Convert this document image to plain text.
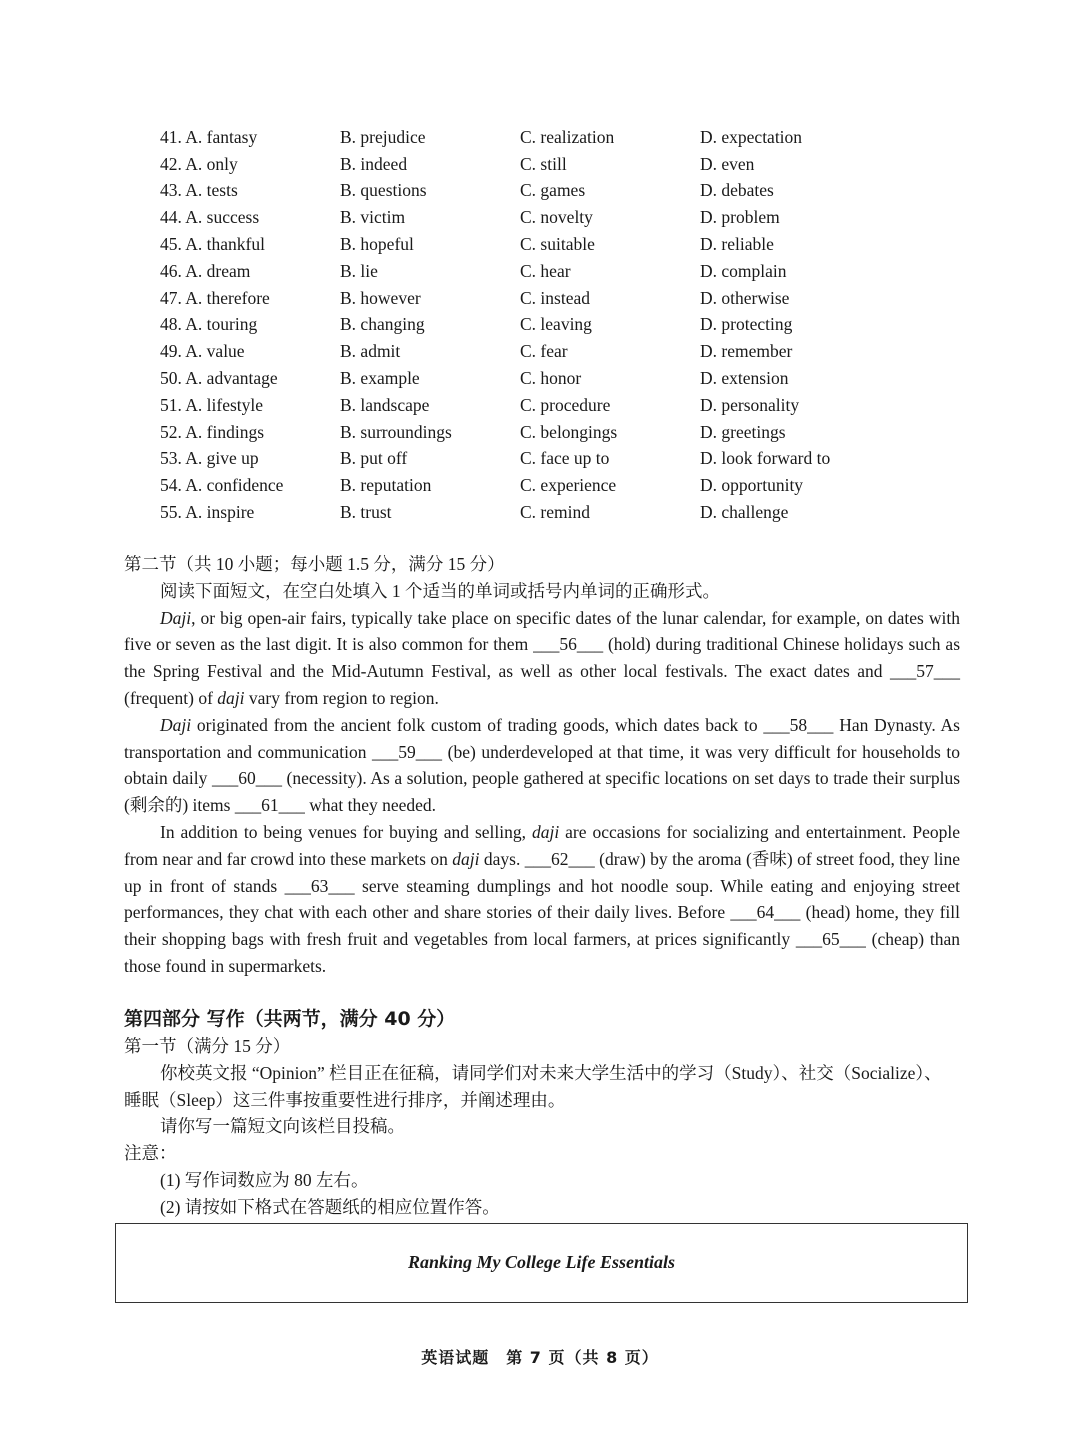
41. A. fantasy	B. prejudice	C. realization	D. expectation
42. A. only	B. indeed	C. still	D. even
43. A. tests	B. questions	C. games	D. debates
44. A. success	B. victim	C. novelty	D. problem
45. A. thankful	B. hopeful	C. suitable	D. reliable
46. A. dream	B. lie	C. hear	D. complain
47. A. therefore	B. however	C. instead	D. otherwise
48. A. touring	B. changing	C. leaving	D. protecting
49. A. value	B. admit	C. fear	D. remember
50. A. advantage	B. example	C. honor	D. extension
51. A. lifestyle	B. landscape	C. procedure	D. personality
52. A. findings	B. surroundings	C. belongings	D. greetings
53. A. give up	B. put off	C. face up to	D. look forward to
54. A. confidence	B. reputation	C. experience	D. opportunity
55. A. inspire	B. trust	C. remind	D. challenge
第二节（共 10 小题；每小题 1.5 分，满分 15 分）
阅读下面短文，在空白处填入 1 个适当的单词或括号内单词的正确形式。

Daji, or big open-air fairs, typically take place on specific dates of the lunar calendar, for example, on dates with five or seven as the last digit. It is also common for them ___56___ (hold) during traditional Chinese holidays such as the Spring Festival and the Mid-Autumn Festival, as well as other local festivals. The exact dates and ___57___ (frequent) of daji vary from region to region.

Daji originated from the ancient folk custom of trading goods, which dates back to ___58___ Han Dynasty. As transportation and communication ___59___ (be) underdeveloped at that time, it was very difficult for households to obtain daily ___60___ (necessity). As a solution, people gathered at specific locations on set days to trade their surplus (剩余的) items ___61___ what they needed.

In addition to being venues for buying and selling, daji are occasions for socializing and entertainment. People from near and far crowd into these markets on daji days. ___62___ (draw) by the aroma (香味) of street food, they line up in front of stands ___63___ serve steaming dumplings and hot noodle soup. While eating and enjoying street performances, they chat with each other and share stories of their daily lives. Before ___64___ (head) home, they fill their shopping bags with fresh fruit and vegetables from local farmers, at prices significantly ___65___ (cheap) than those found in supermarkets.

第四部分 写作（共两节，满分 40 分）
第一节（满分 15 分）
你校英文报 “Opinion” 栏目正在征稿，请同学们对未来大学生活中的学习（Study）、社交（Socialize）、
睡眠（Sleep）这三件事按重要性进行排序，并阐述理由。
请你写一篇短文向该栏目投稿。
注意：
(1) 写作词数应为 80 左右。
(2) 请按如下格式在答题纸的相应位置作答。
Ranking My College Life Essentials
英语试题　第 7 页（共 8 页）
